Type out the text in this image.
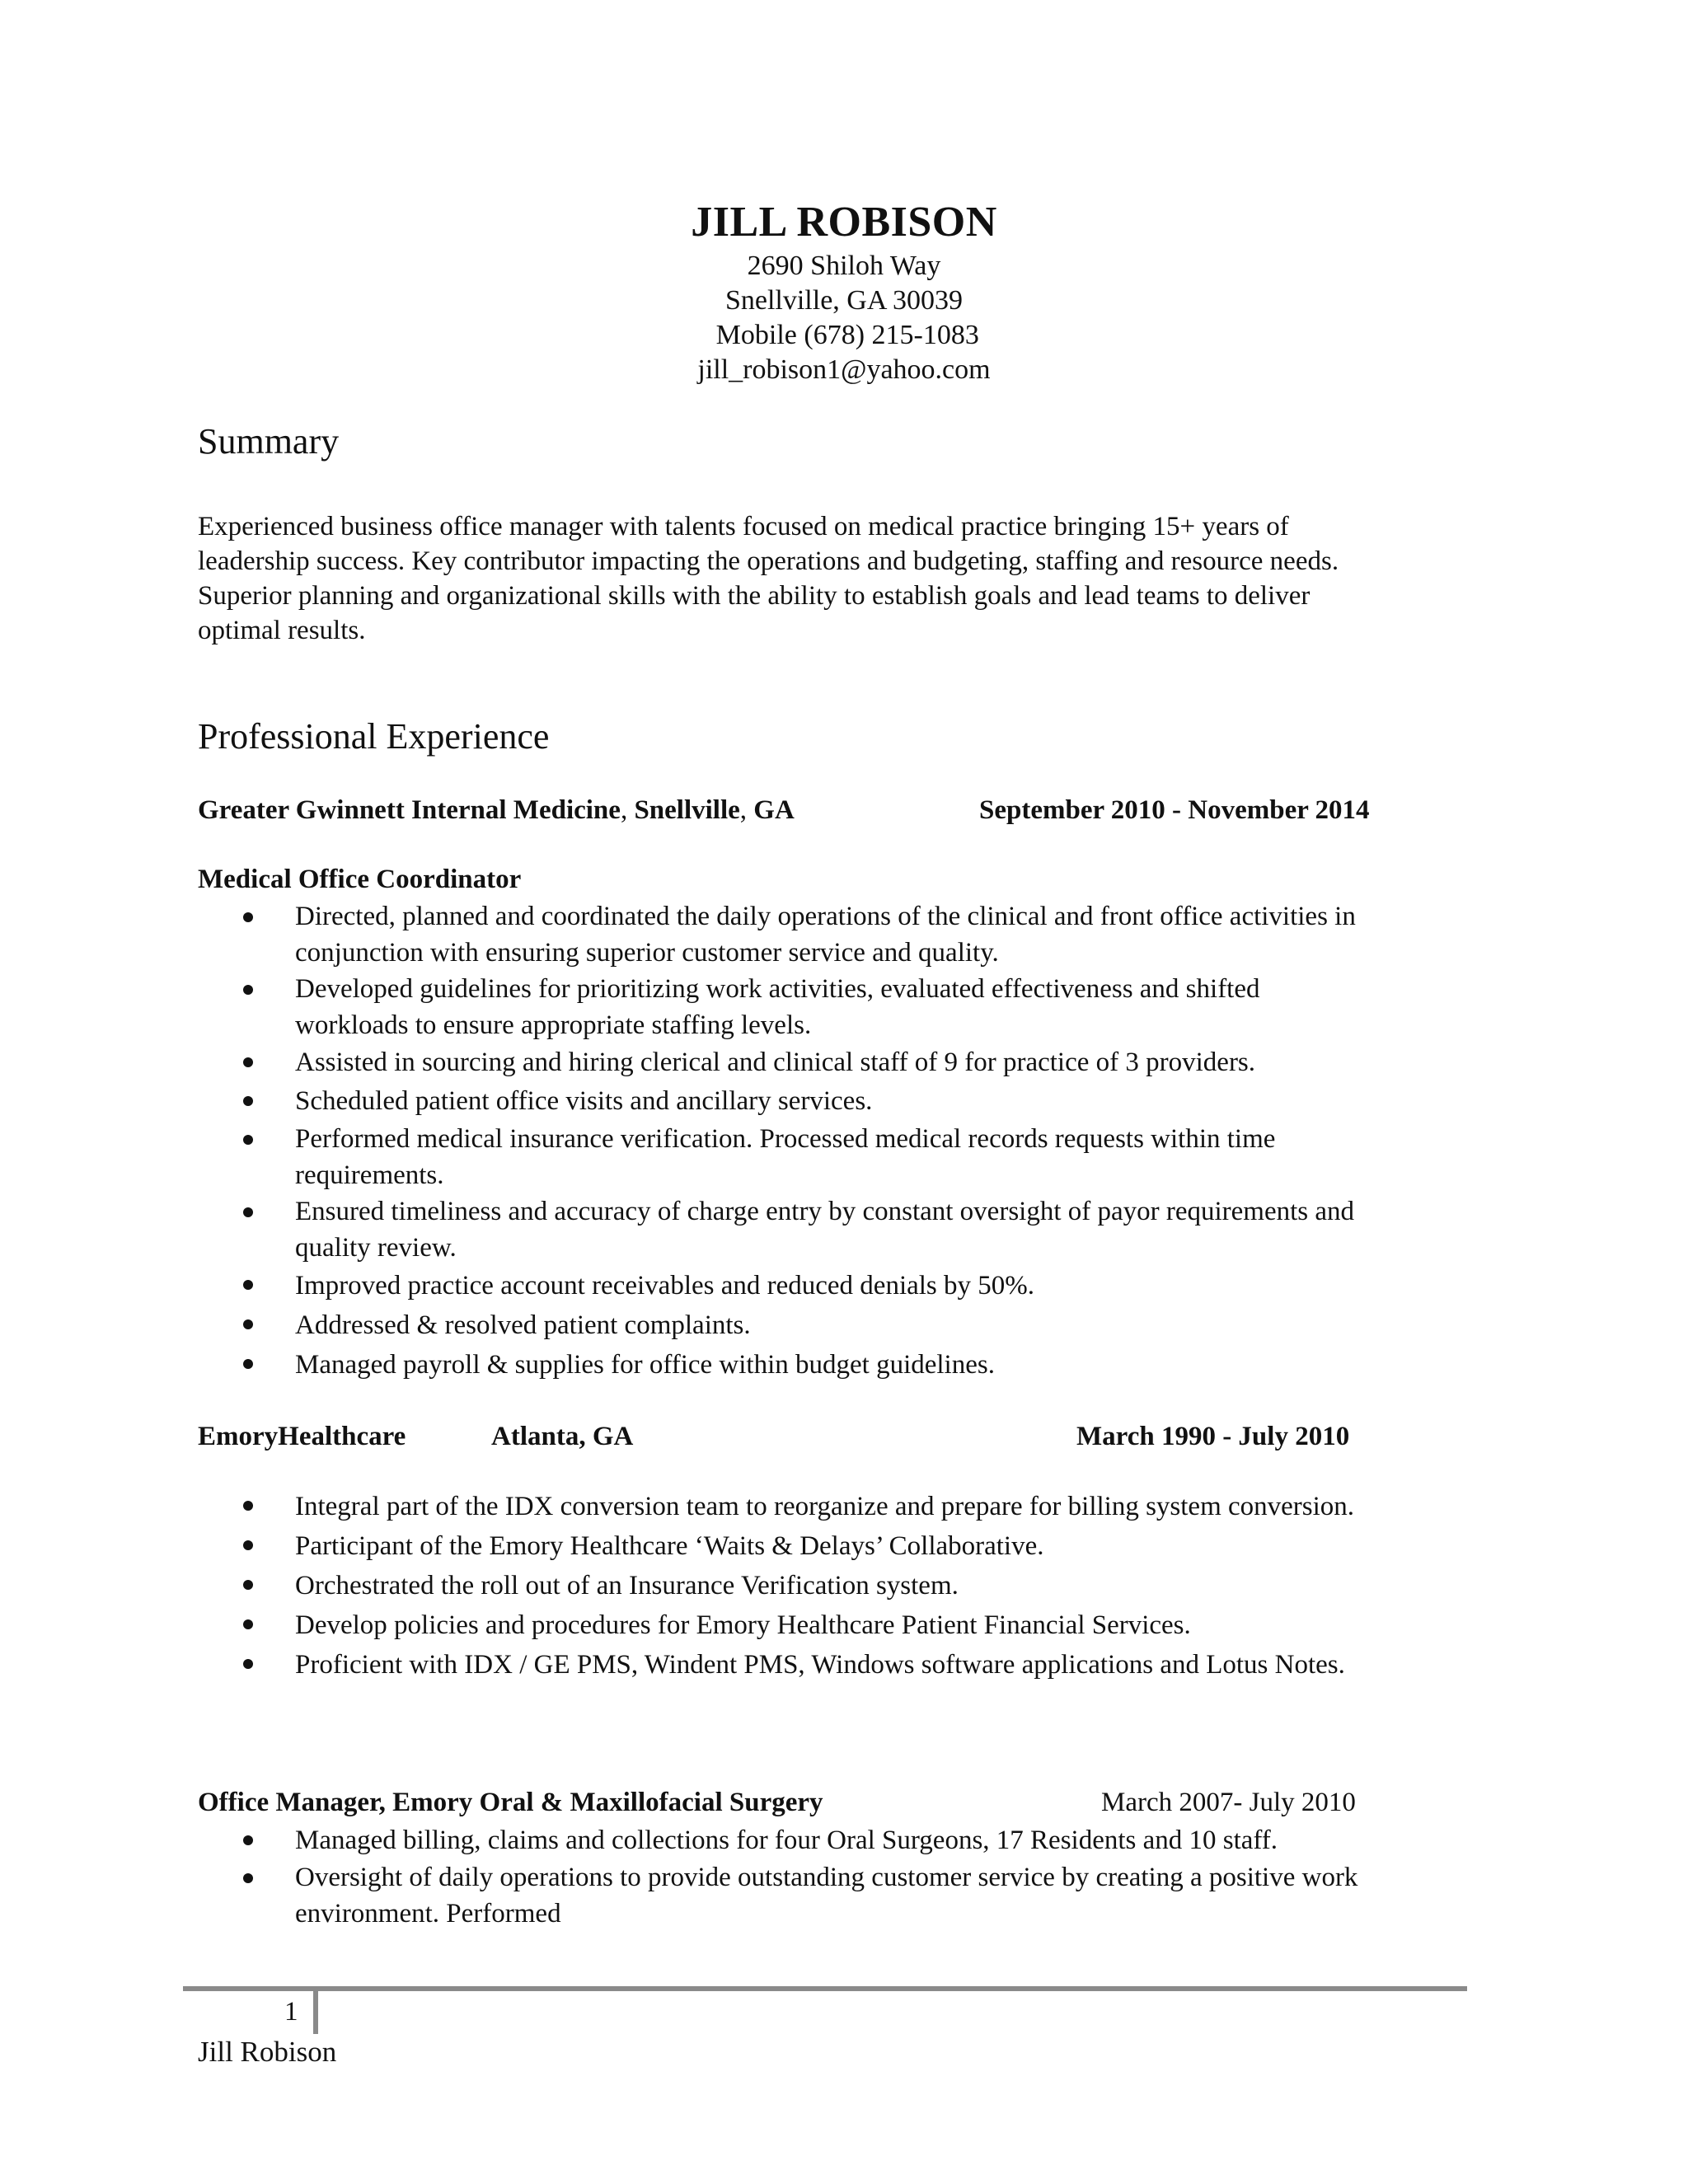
JILL ROBISON
2690 Shiloh Way
Snellville, GA 30039
Mobile (678) 215-1083
jill_robison1@yahoo.com
Summary
Experienced business office manager with talents focused on medical practice bringing 15+ years of
leadership success. Key contributor impacting the operations and budgeting, staffing and resource needs.
Superior planning and organizational skills with the ability to establish goals and lead teams to deliver
optimal results.
Professional Experience
Greater Gwinnett Internal Medicine, Snellville, GA	September 2010 - November 2014
Medical Office Coordinator
Directed, planned and coordinated the daily operations of the clinical and front office activities in
conjunction with ensuring superior customer service and quality.
Developed guidelines for prioritizing work activities, evaluated effectiveness and shifted
workloads to ensure appropriate staffing levels.
Assisted in sourcing and hiring clerical and clinical staff of 9 for practice of 3 providers.
Scheduled patient office visits and ancillary services.
Performed medical insurance verification. Processed medical records requests within time
requirements.
Ensured timeliness and accuracy of charge entry by constant oversight of payor requirements and
quality review.
Improved practice account receivables and reduced denials by 50%.
Addressed & resolved patient complaints.
Managed payroll & supplies for office within budget guidelines.
EmoryHealthcare	Atlanta, GA	March 1990 - July 2010
Integral part of the IDX conversion team to reorganize and prepare for billing system conversion.
Participant of the Emory Healthcare ‘Waits & Delays’ Collaborative.
Orchestrated the roll out of an Insurance Verification system.
Develop policies and procedures for Emory Healthcare Patient Financial Services.
Proficient with IDX / GE PMS, Windent PMS, Windows software applications and Lotus Notes.
Office Manager, Emory Oral & Maxillofacial Surgery	March 2007- July 2010
Managed billing, claims and collections for four Oral Surgeons, 17 Residents and 10 staff.
Oversight of daily operations to provide outstanding customer service by creating a positive work
environment. Performed
1
Jill Robison
